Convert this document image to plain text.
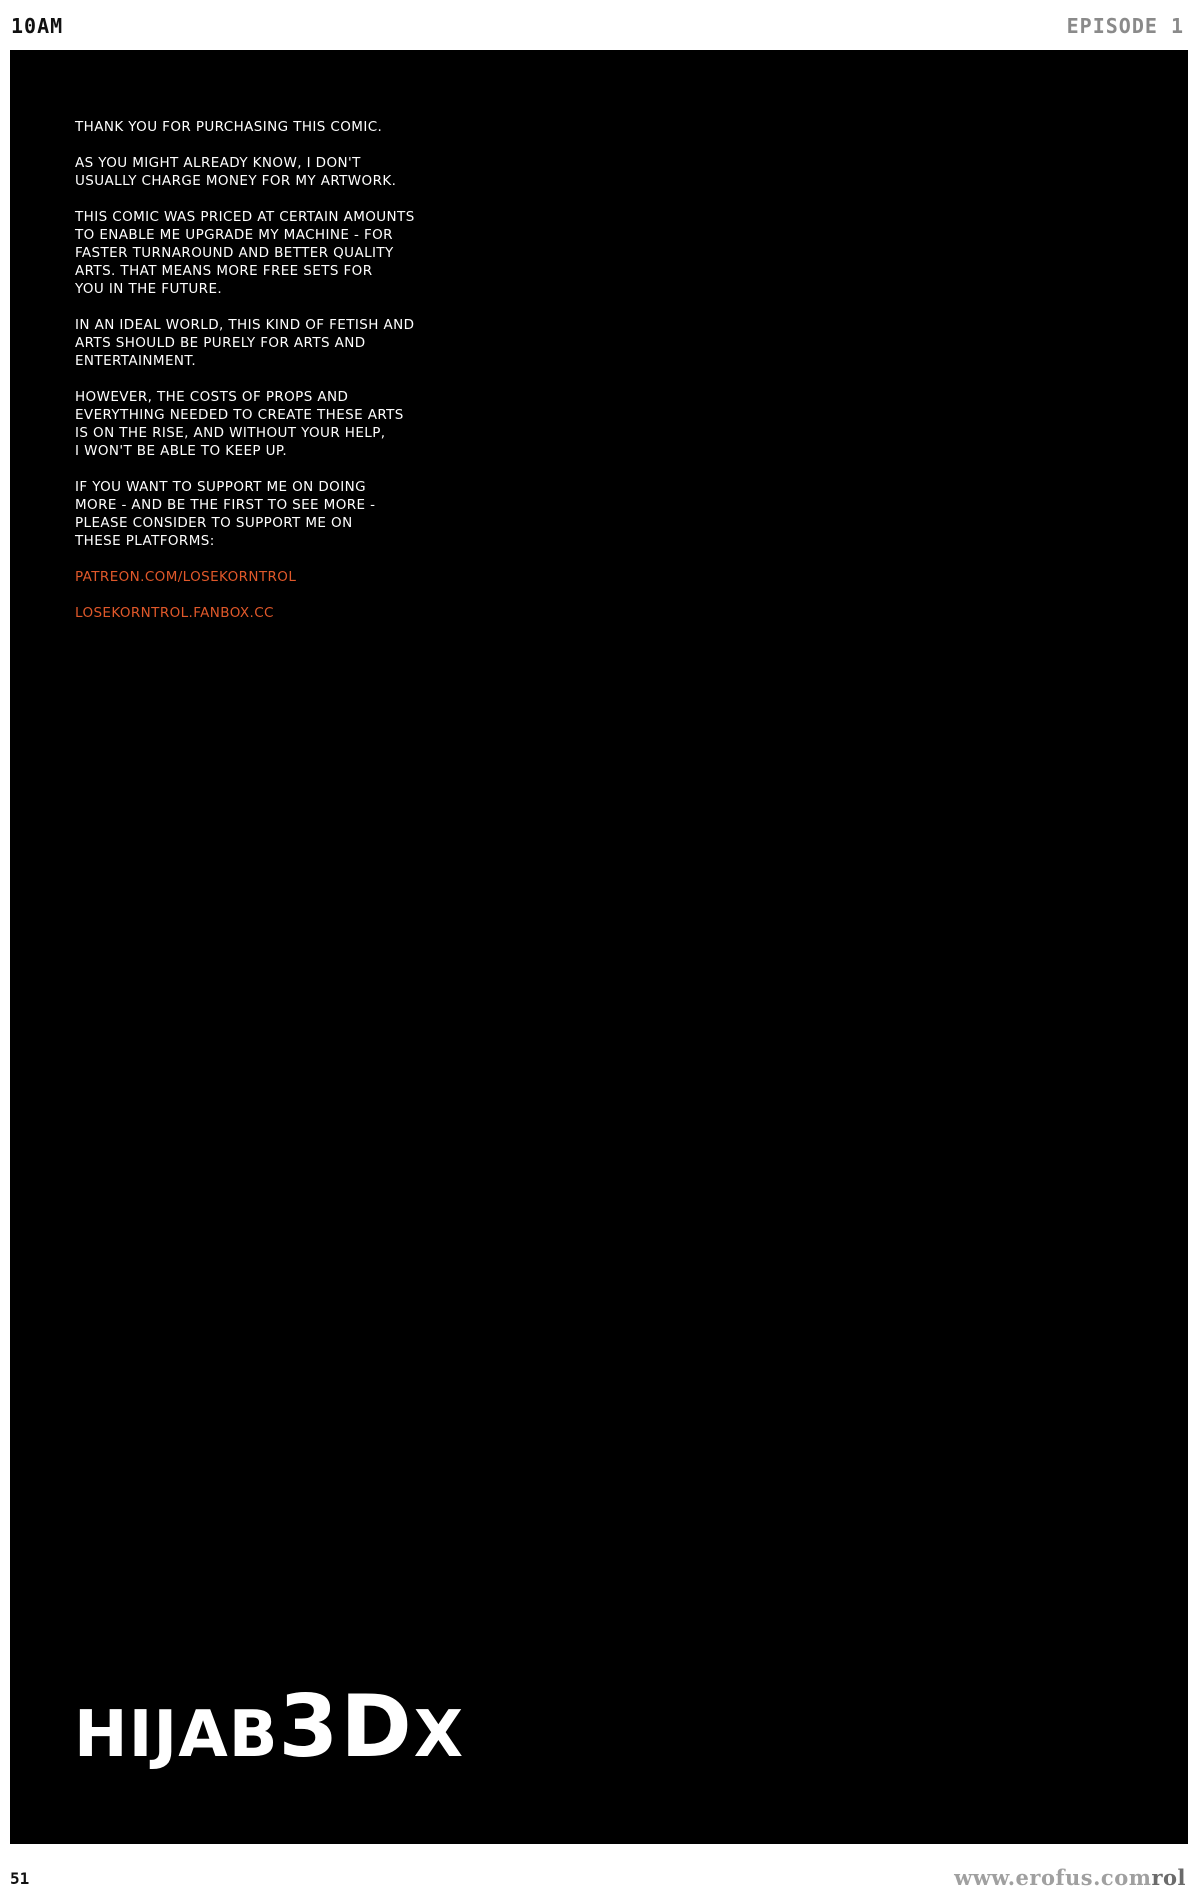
10AM	EPISODE 1

THANK YOU FOR PURCHASING THIS COMIC.

AS YOU MIGHT ALREADY KNOW, I DON'T
USUALLY CHARGE MONEY FOR MY ARTWORK.

THIS COMIC WAS PRICED AT CERTAIN AMOUNTS
TO ENABLE ME UPGRADE MY MACHINE - FOR
FASTER TURNAROUND AND BETTER QUALITY
ARTS. THAT MEANS MORE FREE SETS FOR
YOU IN THE FUTURE.

IN AN IDEAL WORLD, THIS KIND OF FETISH AND
ARTS SHOULD BE PURELY FOR ARTS AND
ENTERTAINMENT.

HOWEVER, THE COSTS OF PROPS AND
EVERYTHING NEEDED TO CREATE THESE ARTS
IS ON THE RISE, AND WITHOUT YOUR HELP,
I WON'T BE ABLE TO KEEP UP.

IF YOU WANT TO SUPPORT ME ON DOING
MORE - AND BE THE FIRST TO SEE MORE -
PLEASE CONSIDER TO SUPPORT ME ON
THESE PLATFORMS:

PATREON.COM/LOSEKORNTROL

LOSEKORNTROL.FANBOX.CC

HIJAB3DX
51	www.erofus.comrol
